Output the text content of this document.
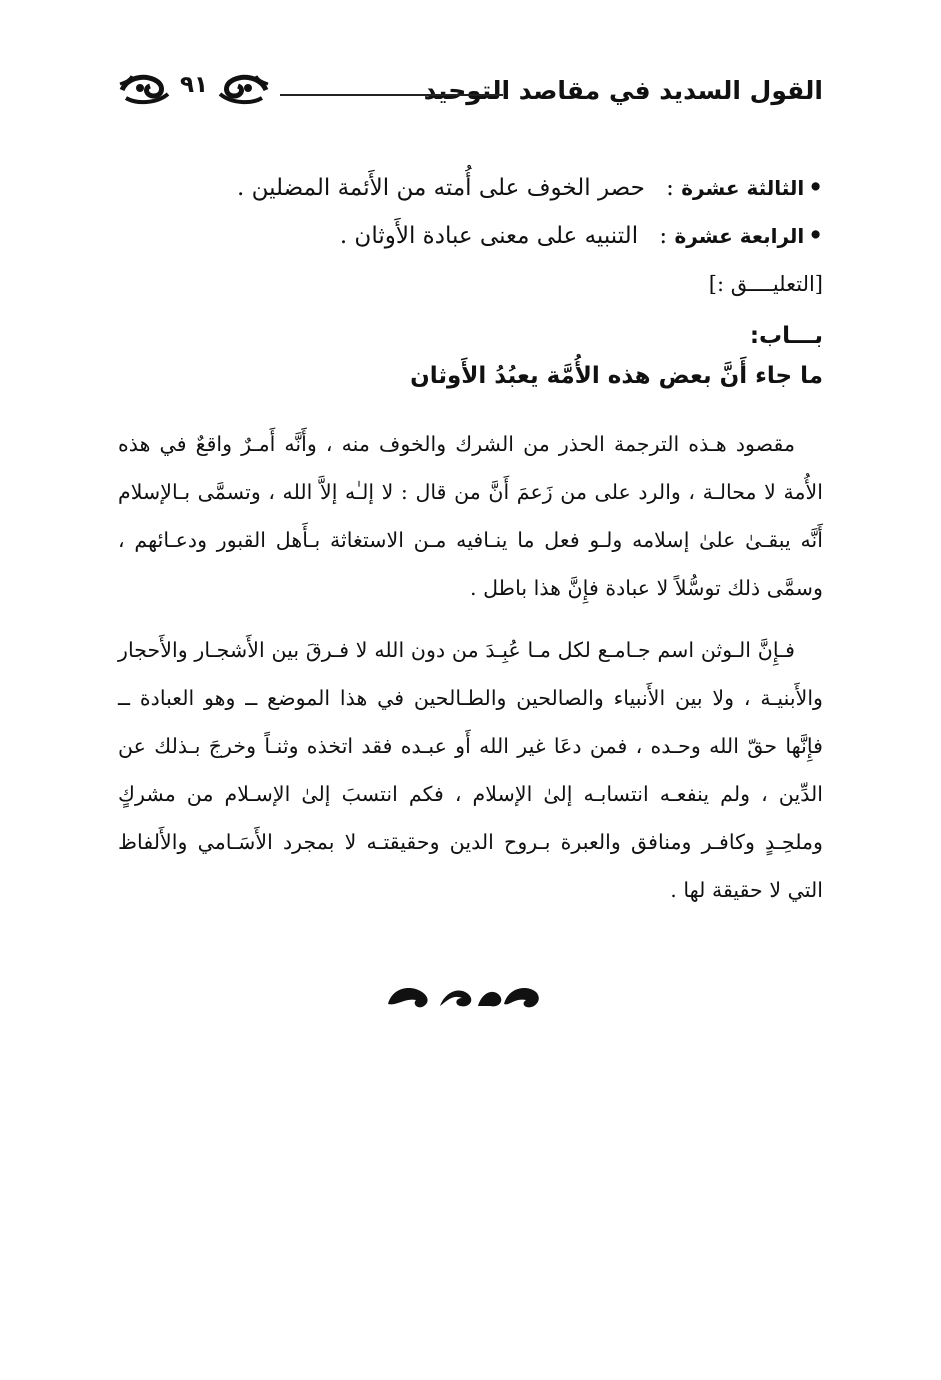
القول السديد في مقاصد التوحيد
٩١
•الثالثة عشرة : حصر الخوف على أُمته من الأَئمة المضلين .
•الرابعة عشرة : التنبيه على معنى عبادة الأَوثان .
[التعليــــق :]
بـــاب:
ما جاء أَنَّ بعض هذه الأُمَّة يعبُدُ الأَوثان

مقصود هـذه الترجمة الحذر من الشرك والخوف منه ، وأَنَّه أَمـرٌ واقعٌ في هذه الأُمة لا محالـة ، والرد على من زَعمَ أَنَّ من قال : لا إلـٰه إلاَّ الله ، وتسمَّى بـالإسلام أَنَّه يبقـىٰ علىٰ إسلامه ولـو فعل ما ينـافيه مـن الاستغاثة بـأَهل القبور ودعـائهم ، وسمَّى ذلك توسُّلاً لا عبادة فإِنَّ هذا باطل .

فـإِنَّ الـوثن اسم جـامـع لكل مـا عُبِـدَ من دون الله لا فـرقَ بين الأَشجـار والأَحجار والأَبنيـة ، ولا بين الأَنبياء والصالحين والطـالحين في هذا الموضع ــ وهو العبادة ــ فإِنَّها حقّ الله وحـده ، فمن دعَا غير الله أَو عبـده فقد اتخذه وثنـاً وخرجَ بـذلك عن الدِّين ، ولم ينفعـه انتسابـه إلىٰ الإسلام ، فكم انتسبَ إلىٰ الإسـلام من مشركٍ وملحِـدٍ وكافـر ومنافق والعبرة بـروح الدين وحقيقتـه لا بمجرد الأَسَـامي والأَلفاظ التي لا حقيقة لها .
